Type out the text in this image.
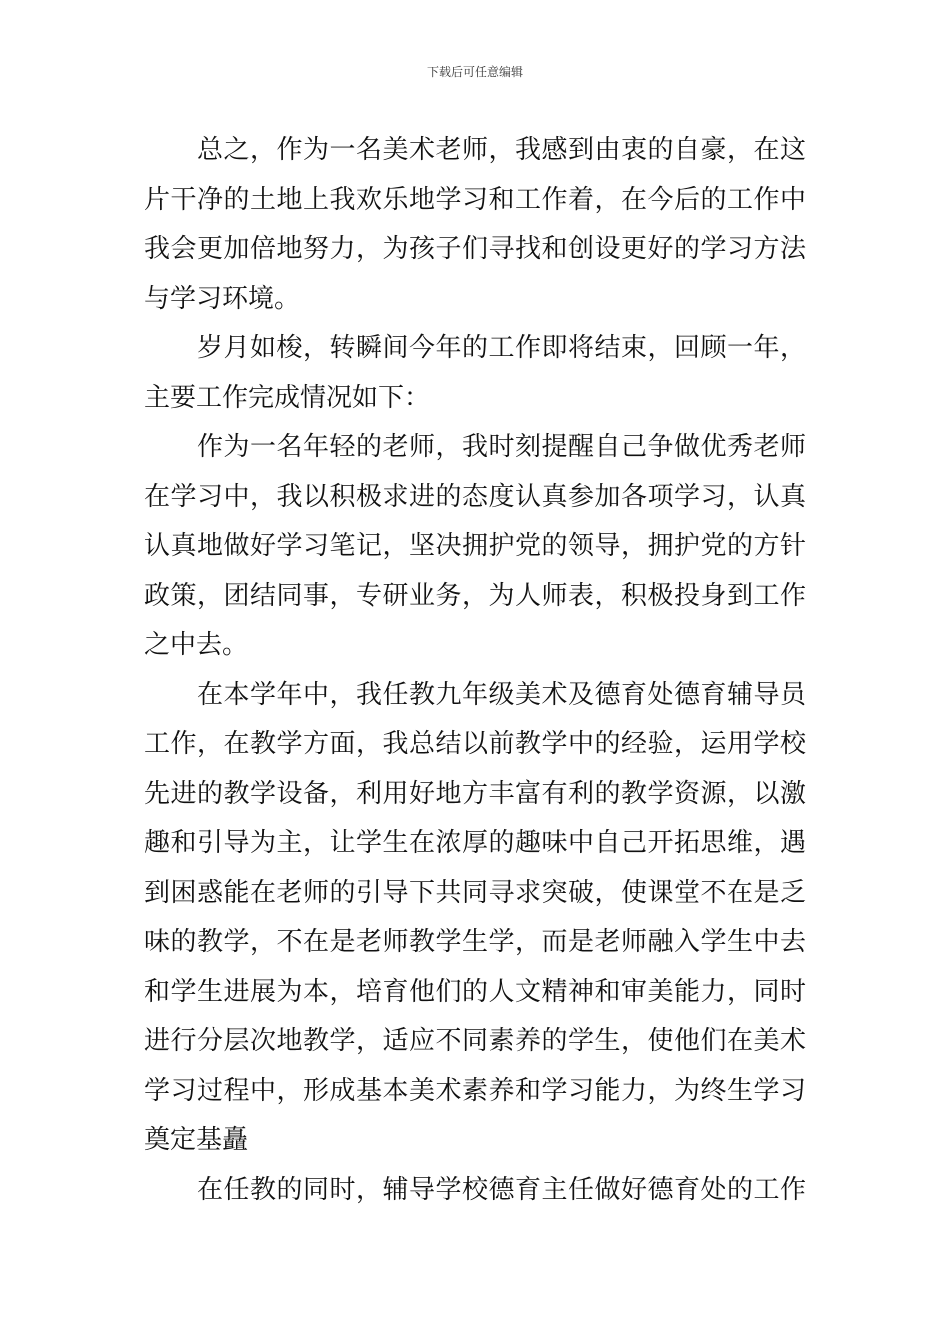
下载后可任意编辑

总之，作为一名美术老师，我感到由衷的自豪，在这
片干净的土地上我欢乐地学习和工作着，在今后的工作中
我会更加倍地努力，为孩子们寻找和创设更好的学习方法
与学习环境。

岁月如梭，转瞬间今年的工作即将结束，回顾一年，
主要工作完成情况如下：

作为一名年轻的老师，我时刻提醒自己争做优秀老师
在学习中，我以积极求进的态度认真参加各项学习，认真
认真地做好学习笔记，坚决拥护党的领导，拥护党的方针
政策，团结同事，专研业务，为人师表，积极投身到工作
之中去。

在本学年中，我任教九年级美术及德育处德育辅导员
工作，在教学方面，我总结以前教学中的经验，运用学校
先进的教学设备，利用好地方丰富有利的教学资源，以激
趣和引导为主，让学生在浓厚的趣味中自己开拓思维，遇
到困惑能在老师的引导下共同寻求突破，使课堂不在是乏
味的教学，不在是老师教学生学，而是老师融入学生中去
和学生进展为本，培育他们的人文精神和审美能力，同时
进行分层次地教学，适应不同素养的学生，使他们在美术
学习过程中，形成基本美术素养和学习能力，为终生学习
奠定基矗

在任教的同时，辅导学校德育主任做好德育处的工作
